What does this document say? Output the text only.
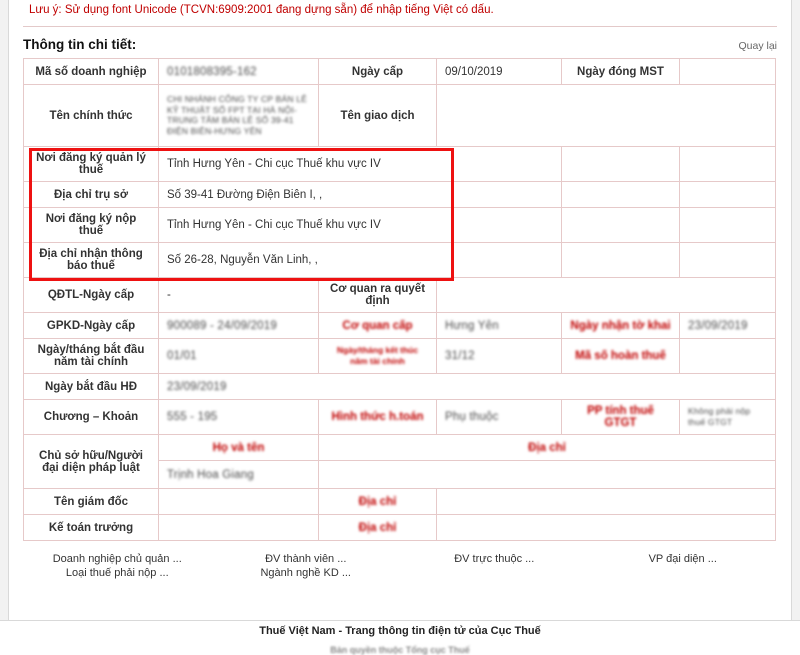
Lưu ý: Sử dụng font Unicode (TCVN:6909:2001 đang dựng sẵn) để nhập tiếng Việt có dấu.
Thông tin chi tiết:	Quay lại
Mã số doanh nghiệp	0101808395-162	Ngày cấp	09/10/2019	Ngày đóng MST	
Tên chính thức	CHI NHÁNH CÔNG TY CP BÁN LẺ KỸ THUẬT SỐ FPT TẠI HÀ NỘI-TRUNG TÂM BÁN LẺ SỐ 39-41 ĐIỆN BIÊN-HƯNG YÊN	Tên giao dịch			
Nơi đăng ký quản lý thuế	Tỉnh Hưng Yên - Chi cục Thuế khu vực IV				
Địa chỉ trụ sở	Số 39-41 Đường Điện Biên I, ,				
Nơi đăng ký nộp thuế	Tỉnh Hưng Yên - Chi cục Thuế khu vực IV				
Địa chỉ nhận thông báo thuế	Số 26-28, Nguyễn Văn Linh, ,				
QĐTL-Ngày cấp	-	Cơ quan ra quyết định			
GPKD-Ngày cấp	900089 - 24/09/2019	Cơ quan cấp	Hưng Yên	Ngày nhận tờ khai	23/09/2019
Ngày/tháng bắt đầu năm tài chính	01/01	Ngày/tháng kết thúc năm tài chính	31/12	Mã số hoàn thuế	
Ngày bắt đầu HĐ	23/09/2019				
Chương – Khoản	555 - 195	Hình thức h.toán	Phụ thuộc	PP tính thuế GTGT	Không phải nộp thuế GTGT
Chủ sở hữu/Người đại diện pháp luật	Họ và tên	Địa chỉ			
	Trịnh Hoa Giang				
Tên giám đốc		Địa chỉ			
Kế toán trưởng		Địa chỉ			
Doanh nghiệp chủ quản ...	ĐV thành viên ...	ĐV trực thuộc ...	VP đại diện ...
Loại thuế phải nộp ...	Ngành nghề KD ...
Thuế Việt Nam - Trang thông tin điện tử của Cục Thuế
Bản quyền thuộc Tổng cục Thuế
